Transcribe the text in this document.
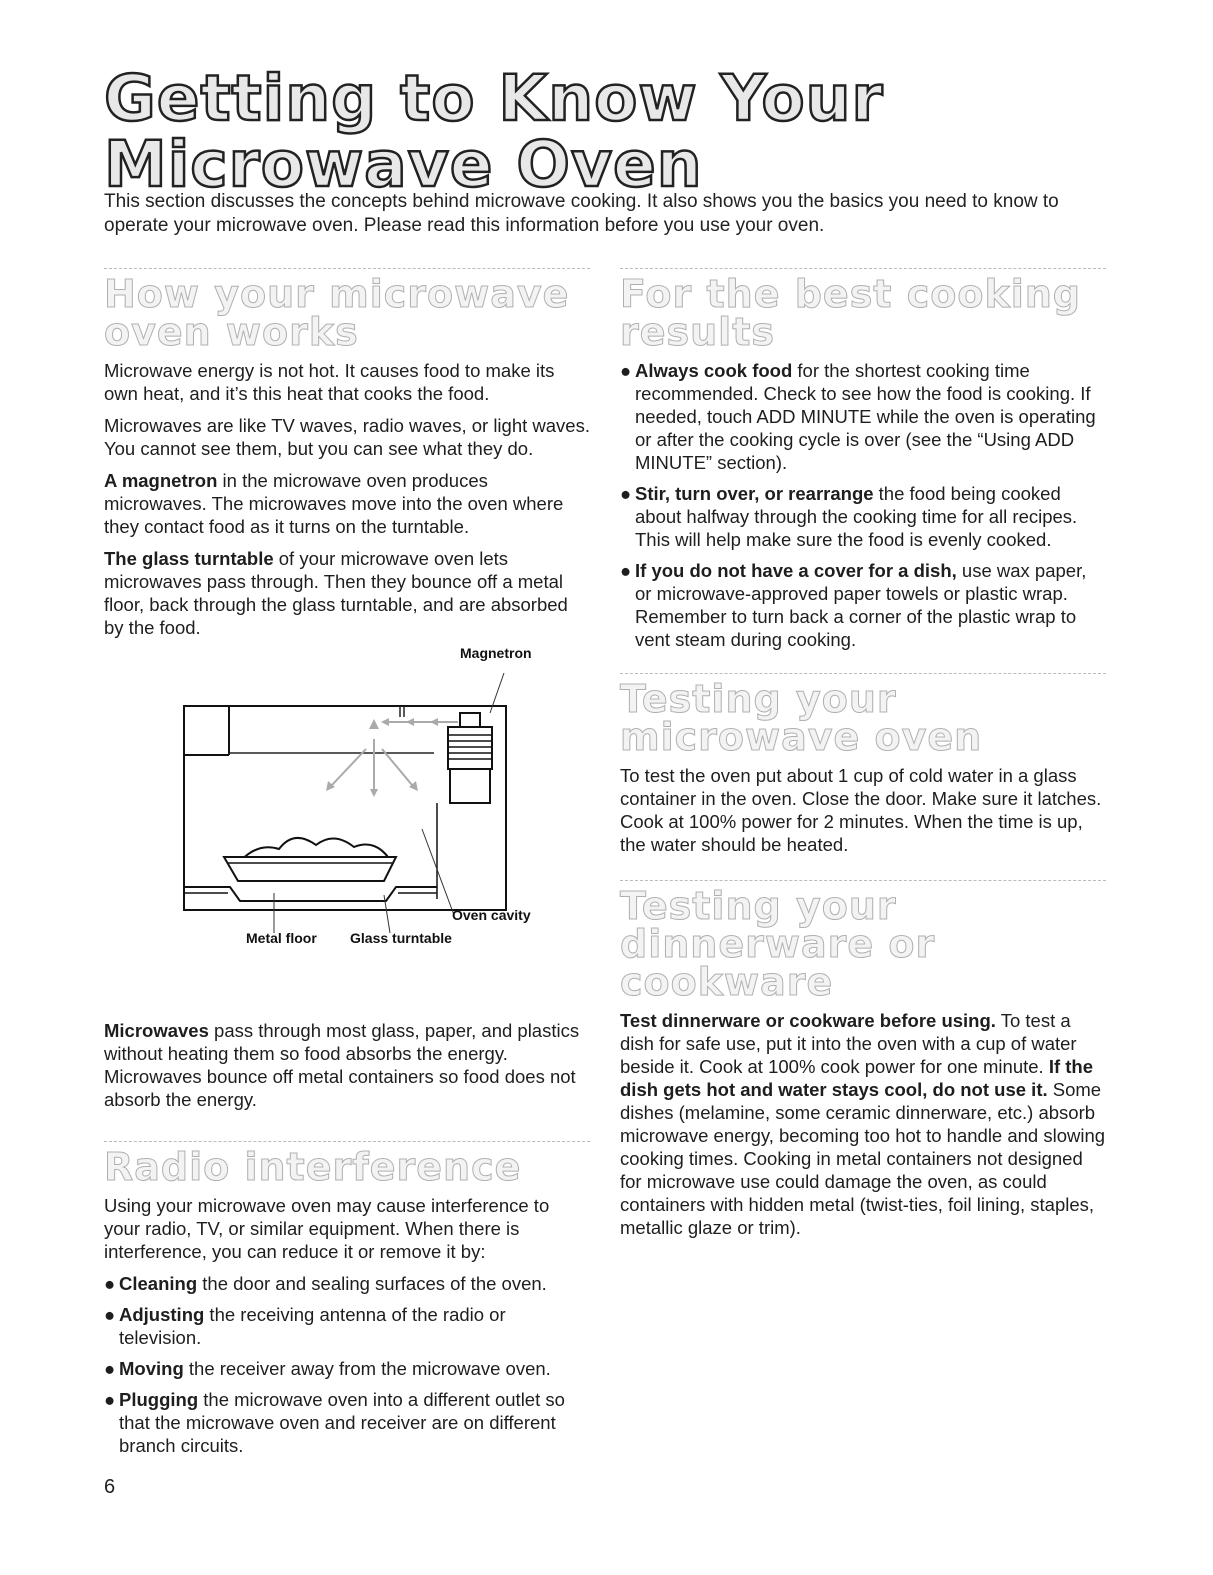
Getting to Know Your
Microwave Oven

This section discusses the concepts behind microwave cooking. It also shows you the basics you need to know to operate your microwave oven. Please read this information before you use your oven.

How your microwave oven works

Microwave energy is not hot. It causes food to make its own heat, and it’s this heat that cooks the food.

Microwaves are like TV waves, radio waves, or light waves. You cannot see them, but you can see what they do.

A magnetron in the microwave oven produces microwaves. The microwaves move into the oven where they contact food as it turns on the turntable.

The glass turntable of your microwave oven lets microwaves pass through. Then they bounce off a metal floor, back through the glass turntable, and are absorbed by the food.

Magnetron
Oven cavity
Metal floor Glass turntable

Microwaves pass through most glass, paper, and plastics without heating them so food absorbs the energy. Microwaves bounce off metal containers so food does not absorb the energy.

Radio interference

Using your microwave oven may cause interference to your radio, TV, or similar equipment. When there is interference, you can reduce it or remove it by:

● Cleaning the door and sealing surfaces of the oven.
● Adjusting the receiving antenna of the radio or television.
● Moving the receiver away from the microwave oven.
● Plugging the microwave oven into a different outlet so that the microwave oven and receiver are on different branch circuits.
For the best cooking results
● Always cook food for the shortest cooking time recommended. Check to see how the food is cooking. If needed, touch ADD MINUTE while the oven is operating or after the cooking cycle is over (see the “Using ADD MINUTE” section).
● Stir, turn over, or rearrange the food being cooked about halfway through the cooking time for all recipes. This will help make sure the food is evenly cooked.
● If you do not have a cover for a dish, use wax paper, or microwave-approved paper towels or plastic wrap. Remember to turn back a corner of the plastic wrap to vent steam during cooking.
Testing your microwave oven

To test the oven put about 1 cup of cold water in a glass container in the oven. Close the door. Make sure it latches. Cook at 100% power for 2 minutes. When the time is up, the water should be heated.

Testing your dinnerware or cookware

Test dinnerware or cookware before using. To test a dish for safe use, put it into the oven with a cup of water beside it. Cook at 100% cook power for one minute. If the dish gets hot and water stays cool, do not use it. Some dishes (melamine, some ceramic dinnerware, etc.) absorb microwave energy, becoming too hot to handle and slowing cooking times. Cooking in metal containers not designed for microwave use could damage the oven, as could containers with hidden metal (twist-ties, foil lining, staples, metallic glaze or trim).

6
